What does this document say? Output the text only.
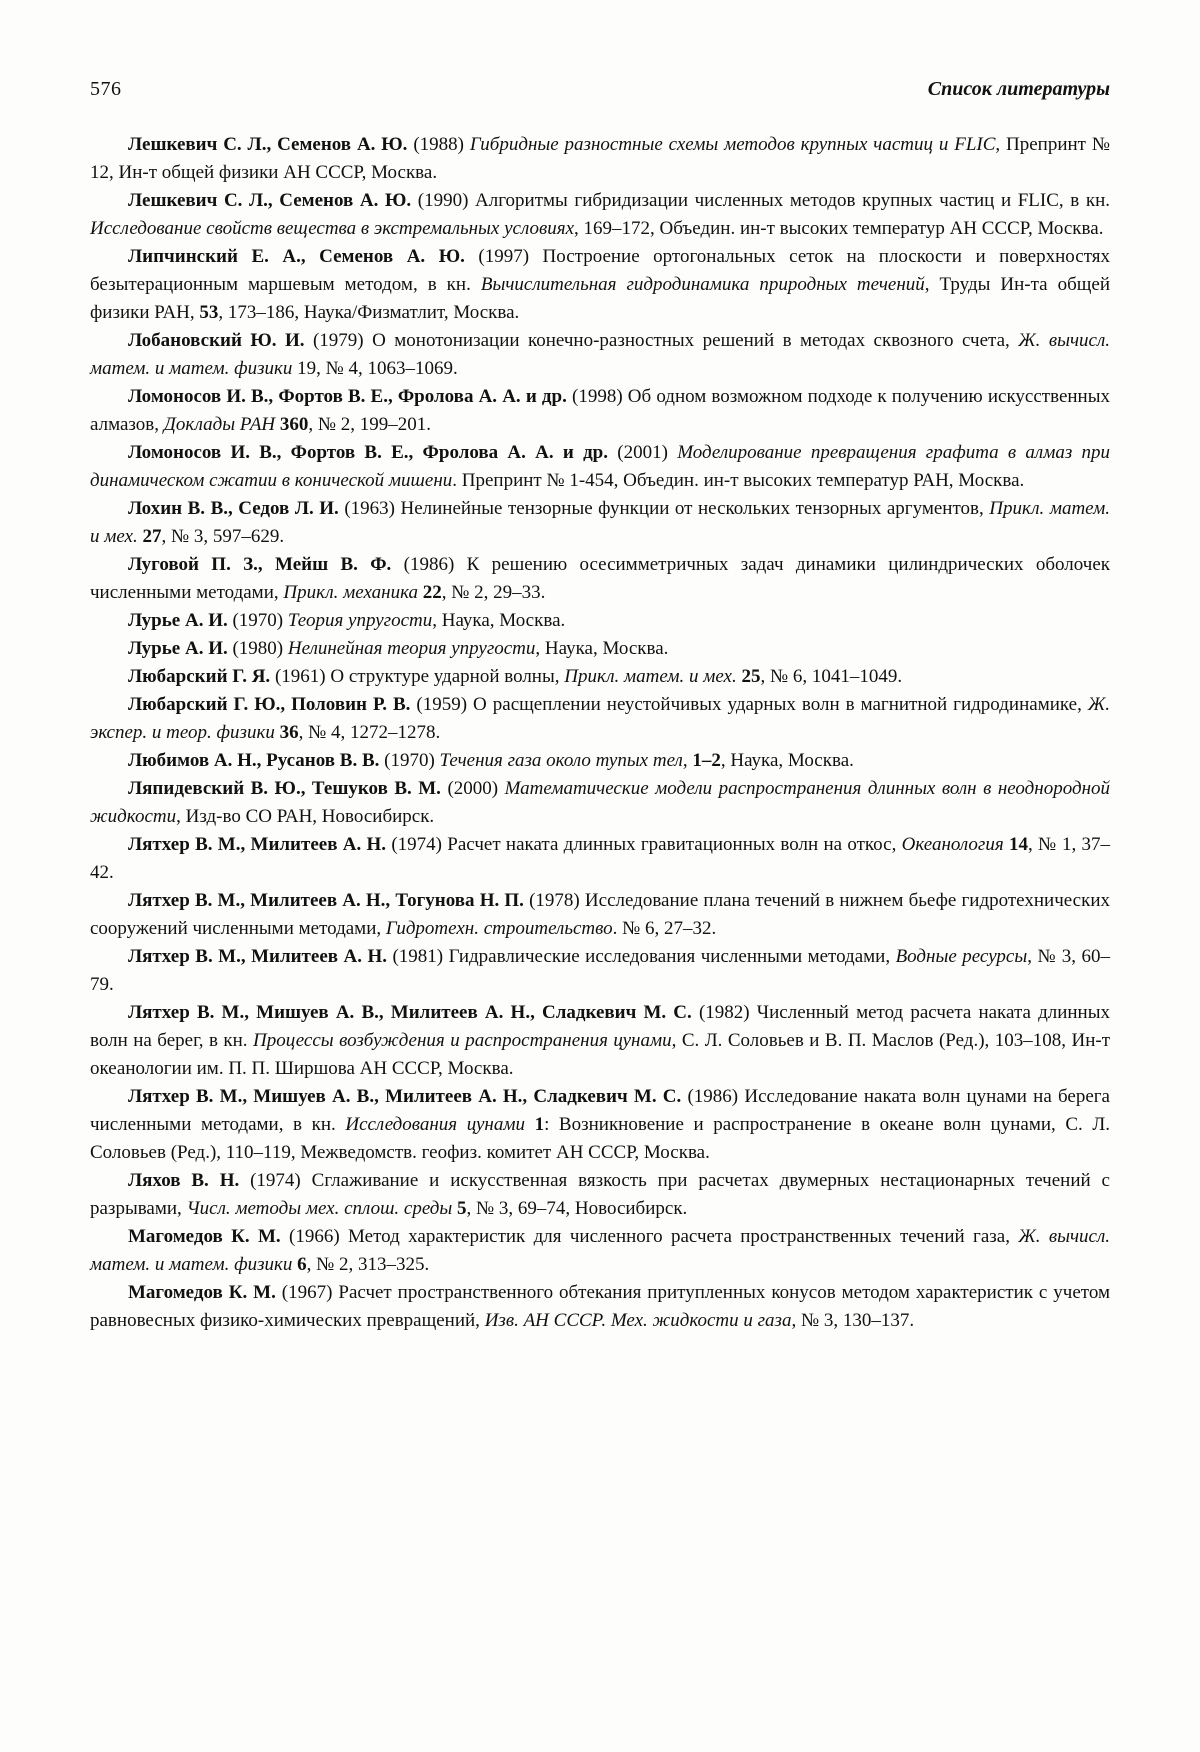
576	Список литературы

Лешкевич С. Л., Семенов А. Ю. (1988) Гибридные разностные схемы методов крупных частиц и FLIC, Препринт № 12, Ин-т общей физики АН СССР, Москва.

Лешкевич С. Л., Семенов А. Ю. (1990) Алгоритмы гибридизации численных методов крупных частиц и FLIC, в кн. Исследование свойств вещества в экстремальных условиях, 169–172, Объедин. ин-т высоких температур АН СССР, Москва.

Липчинский Е. А., Семенов А. Ю. (1997) Построение ортогональных сеток на плоскости и поверхностях безытерационным маршевым методом, в кн. Вычислительная гидродинамика природных течений, Труды Ин-та общей физики РАН, 53, 173–186, Наука/Физматлит, Москва.

Лобановский Ю. И. (1979) О монотонизации конечно-разностных решений в методах сквозного счета, Ж. вычисл. матем. и матем. физики 19, № 4, 1063–1069.

Ломоносов И. В., Фортов В. Е., Фролова А. А. и др. (1998) Об одном возможном подходе к получению искусственных алмазов, Доклады РАН 360, № 2, 199–201.

Ломоносов И. В., Фортов В. Е., Фролова А. А. и др. (2001) Моделирование превращения графита в алмаз при динамическом сжатии в конической мишени. Препринт № 1-454, Объедин. ин-т высоких температур РАН, Москва.

Лохин В. В., Седов Л. И. (1963) Нелинейные тензорные функции от нескольких тензорных аргументов, Прикл. матем. и мех. 27, № 3, 597–629.

Луговой П. З., Мейш В. Ф. (1986) К решению осесимметричных задач динамики цилиндрических оболочек численными методами, Прикл. механика 22, № 2, 29–33.

Лурье А. И. (1970) Теория упругости, Наука, Москва.

Лурье А. И. (1980) Нелинейная теория упругости, Наука, Москва.

Любарский Г. Я. (1961) О структуре ударной волны, Прикл. матем. и мех. 25, № 6, 1041–1049.

Любарский Г. Ю., Половин Р. В. (1959) О расщеплении неустойчивых ударных волн в магнитной гидродинамике, Ж. экспер. и теор. физики 36, № 4, 1272–1278.

Любимов А. Н., Русанов В. В. (1970) Течения газа около тупых тел, 1–2, Наука, Москва.

Ляпидевский В. Ю., Тешуков В. М. (2000) Математические модели распространения длинных волн в неоднородной жидкости, Изд-во СО РАН, Новосибирск.

Лятхер В. М., Милитеев А. Н. (1974) Расчет наката длинных гравитационных волн на откос, Океанология 14, № 1, 37–42.

Лятхер В. М., Милитеев А. Н., Тогунова Н. П. (1978) Исследование плана течений в нижнем бьефе гидротехнических сооружений численными методами, Гидротехн. строительство. № 6, 27–32.

Лятхер В. М., Милитеев А. Н. (1981) Гидравлические исследования численными методами, Водные ресурсы, № 3, 60–79.

Лятхер В. М., Мишуев А. В., Милитеев А. Н., Сладкевич М. С. (1982) Численный метод расчета наката длинных волн на берег, в кн. Процессы возбуждения и распространения цунами, С. Л. Соловьев и В. П. Маслов (Ред.), 103–108, Ин-т океанологии им. П. П. Ширшова АН СССР, Москва.

Лятхер В. М., Мишуев А. В., Милитеев А. Н., Сладкевич М. С. (1986) Исследование наката волн цунами на берега численными методами, в кн. Исследования цунами 1: Возникновение и распространение в океане волн цунами, С. Л. Соловьев (Ред.), 110–119, Межведомств. геофиз. комитет АН СССР, Москва.

Ляхов В. Н. (1974) Сглаживание и искусственная вязкость при расчетах двумерных нестационарных течений с разрывами, Числ. методы мех. сплош. среды 5, № 3, 69–74, Новосибирск.

Магомедов К. М. (1966) Метод характеристик для численного расчета пространственных течений газа, Ж. вычисл. матем. и матем. физики 6, № 2, 313–325.

Магомедов К. М. (1967) Расчет пространственного обтекания притупленных конусов методом характеристик с учетом равновесных физико-химических превращений, Изв. АН СССР. Мех. жидкости и газа, № 3, 130–137.
